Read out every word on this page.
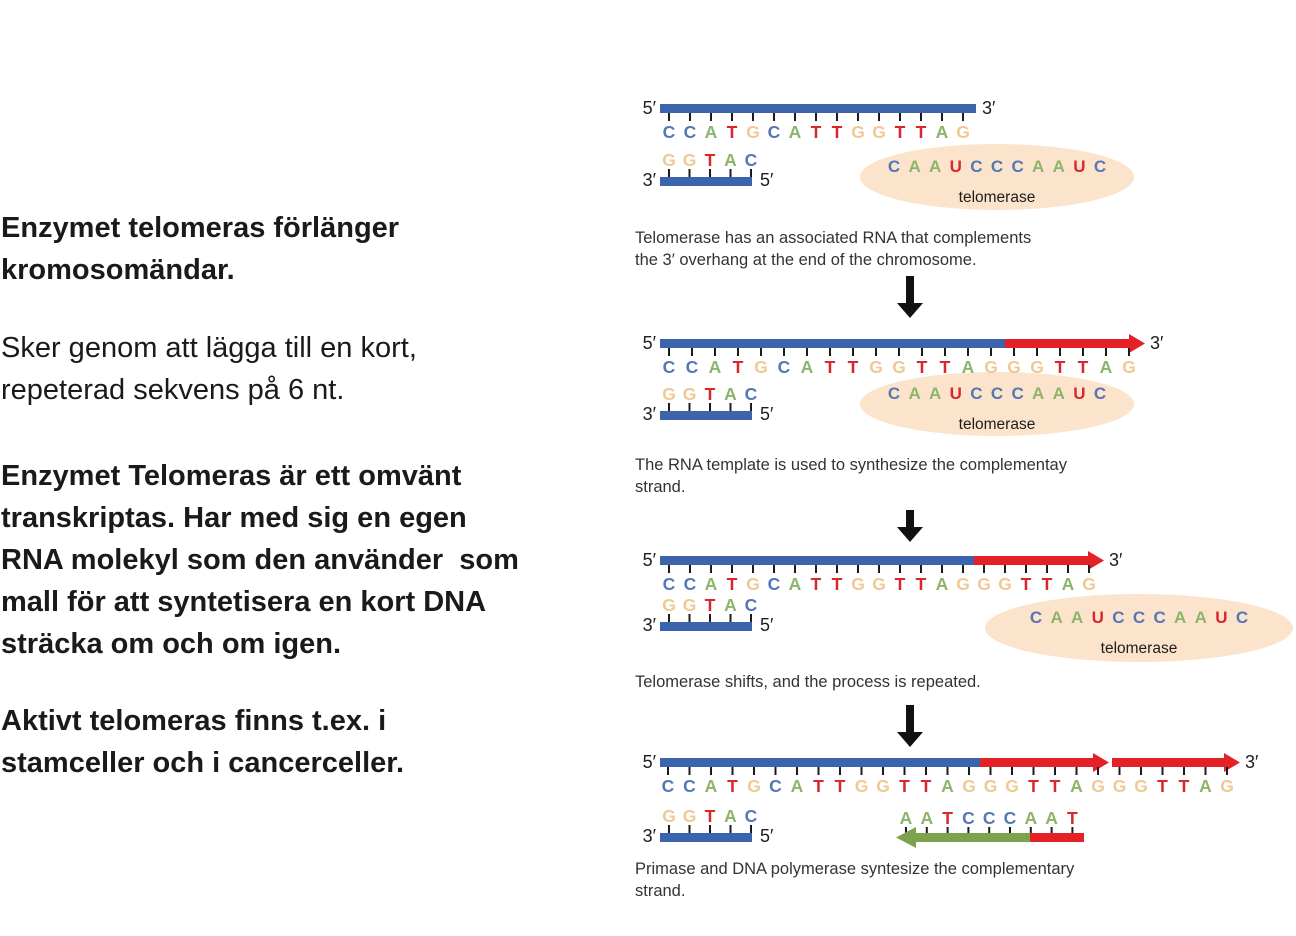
Enzymet telomeras förlänger
kromosomändar.
Sker genom att lägga till en kort,
repeterad sekvens på 6 nt.
Enzymet Telomeras är ett omvänt
transkriptas. Har med sig en egen
RNA molekyl som den använder  som
mall för att syntetisera en kort DNA
sträcka om och om igen.
Aktivt telomeras finns t.ex. i
stamceller och i cancerceller.
C A A U C C C A A U C
telomerase
C C A T G C A T T G G T T A G
5′	3′
G G T A C
3′	5′
Telomerase has an associated RNA that complements
the 3′ overhang at the end of the chromosome.
C A A U C C C A A U C
telomerase
C C A T G C A T T G G T T A G G G T T A G
5′	3′
G G T A C
3′	5′
The RNA template is used to synthesize the complementay
strand.
C A A U C C C A A U C
telomerase
C C A T G C A T T G G T T A G G G T T A G
5′	3′
G G T A C
3′	5′
Telomerase shifts, and the process is repeated.
C C A T G C A T T G G T T A G G G T T A G G G T T A G
5′	3′
G G T A C
3′	5′
A A T C C C A A T
Primase and DNA polymerase syntesize the complementary
strand.
